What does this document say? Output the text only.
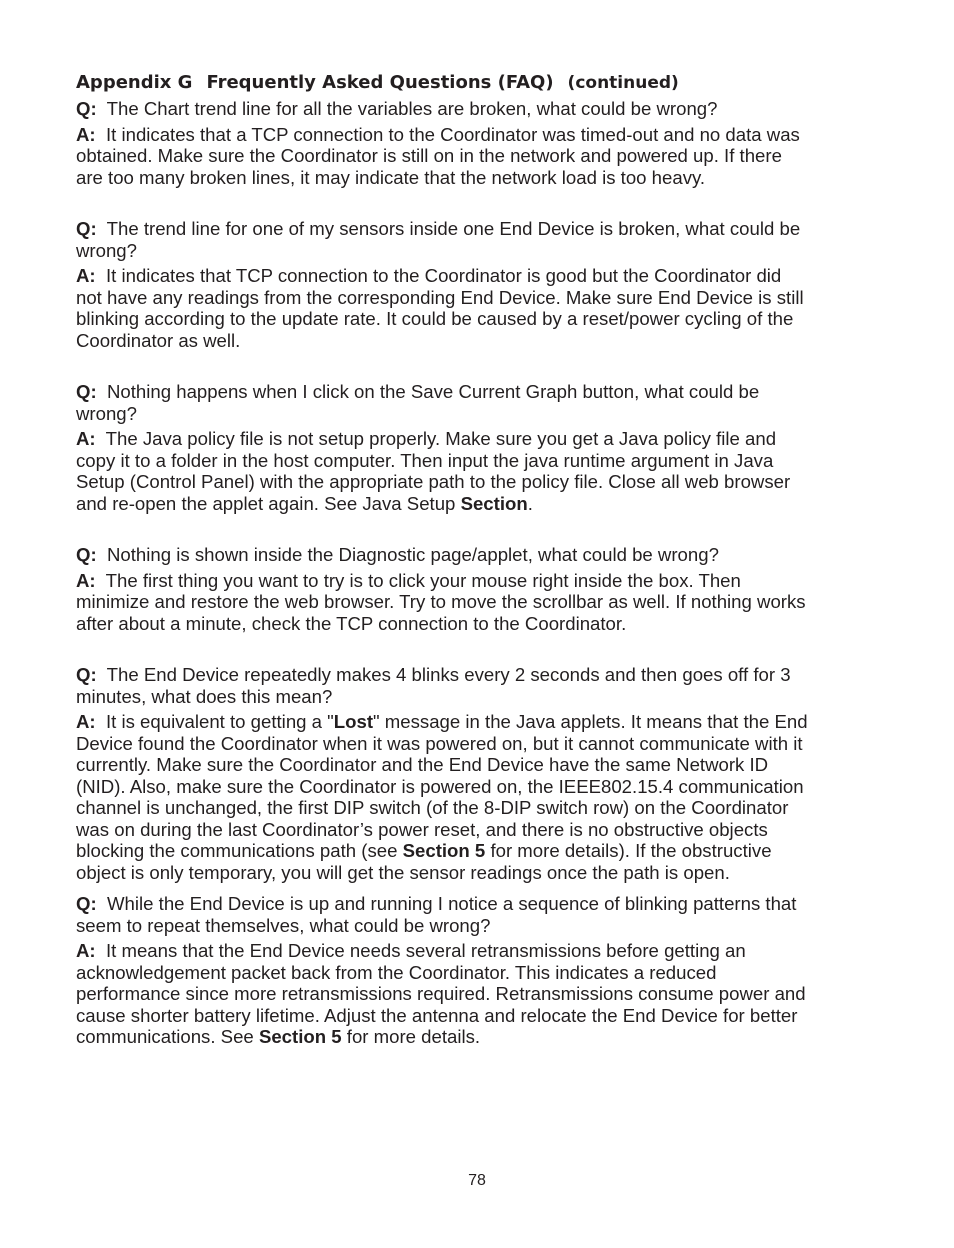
Appendix G Frequently Asked Questions (FAQ) (continued)
Q: The Chart trend line for all the variables are broken, what could be wrong?
A: It indicates that a TCP connection to the Coordinator was timed-out and no data was
obtained. Make sure the Coordinator is still on in the network and powered up. If there
are too many broken lines, it may indicate that the network load is too heavy.
Q: The trend line for one of my sensors inside one End Device is broken, what could be
wrong?
A: It indicates that TCP connection to the Coordinator is good but the Coordinator did
not have any readings from the corresponding End Device. Make sure End Device is still
blinking according to the update rate. It could be caused by a reset/power cycling of the
Coordinator as well.
Q: Nothing happens when I click on the Save Current Graph button, what could be
wrong?
A: The Java policy file is not setup properly. Make sure you get a Java policy file and
copy it to a folder in the host computer. Then input the java runtime argument in Java
Setup (Control Panel) with the appropriate path to the policy file. Close all web browser
and re-open the applet again. See Java Setup Section.
Q: Nothing is shown inside the Diagnostic page/applet, what could be wrong?
A: The first thing you want to try is to click your mouse right inside the box. Then
minimize and restore the web browser. Try to move the scrollbar as well. If nothing works
after about a minute, check the TCP connection to the Coordinator.
Q: The End Device repeatedly makes 4 blinks every 2 seconds and then goes off for 3
minutes, what does this mean?
A: It is equivalent to getting a "Lost" message in the Java applets. It means that the End
Device found the Coordinator when it was powered on, but it cannot communicate with it
currently. Make sure the Coordinator and the End Device have the same Network ID
(NID). Also, make sure the Coordinator is powered on, the IEEE802.15.4 communication
channel is unchanged, the first DIP switch (of the 8-DIP switch row) on the Coordinator
was on during the last Coordinator’s power reset, and there is no obstructive objects
blocking the communications path (see Section 5 for more details). If the obstructive
object is only temporary, you will get the sensor readings once the path is open.
Q: While the End Device is up and running I notice a sequence of blinking patterns that
seem to repeat themselves, what could be wrong?
A: It means that the End Device needs several retransmissions before getting an
acknowledgement packet back from the Coordinator. This indicates a reduced
performance since more retransmissions required. Retransmissions consume power and
cause shorter battery lifetime. Adjust the antenna and relocate the End Device for better
communications. See Section 5 for more details.
78
